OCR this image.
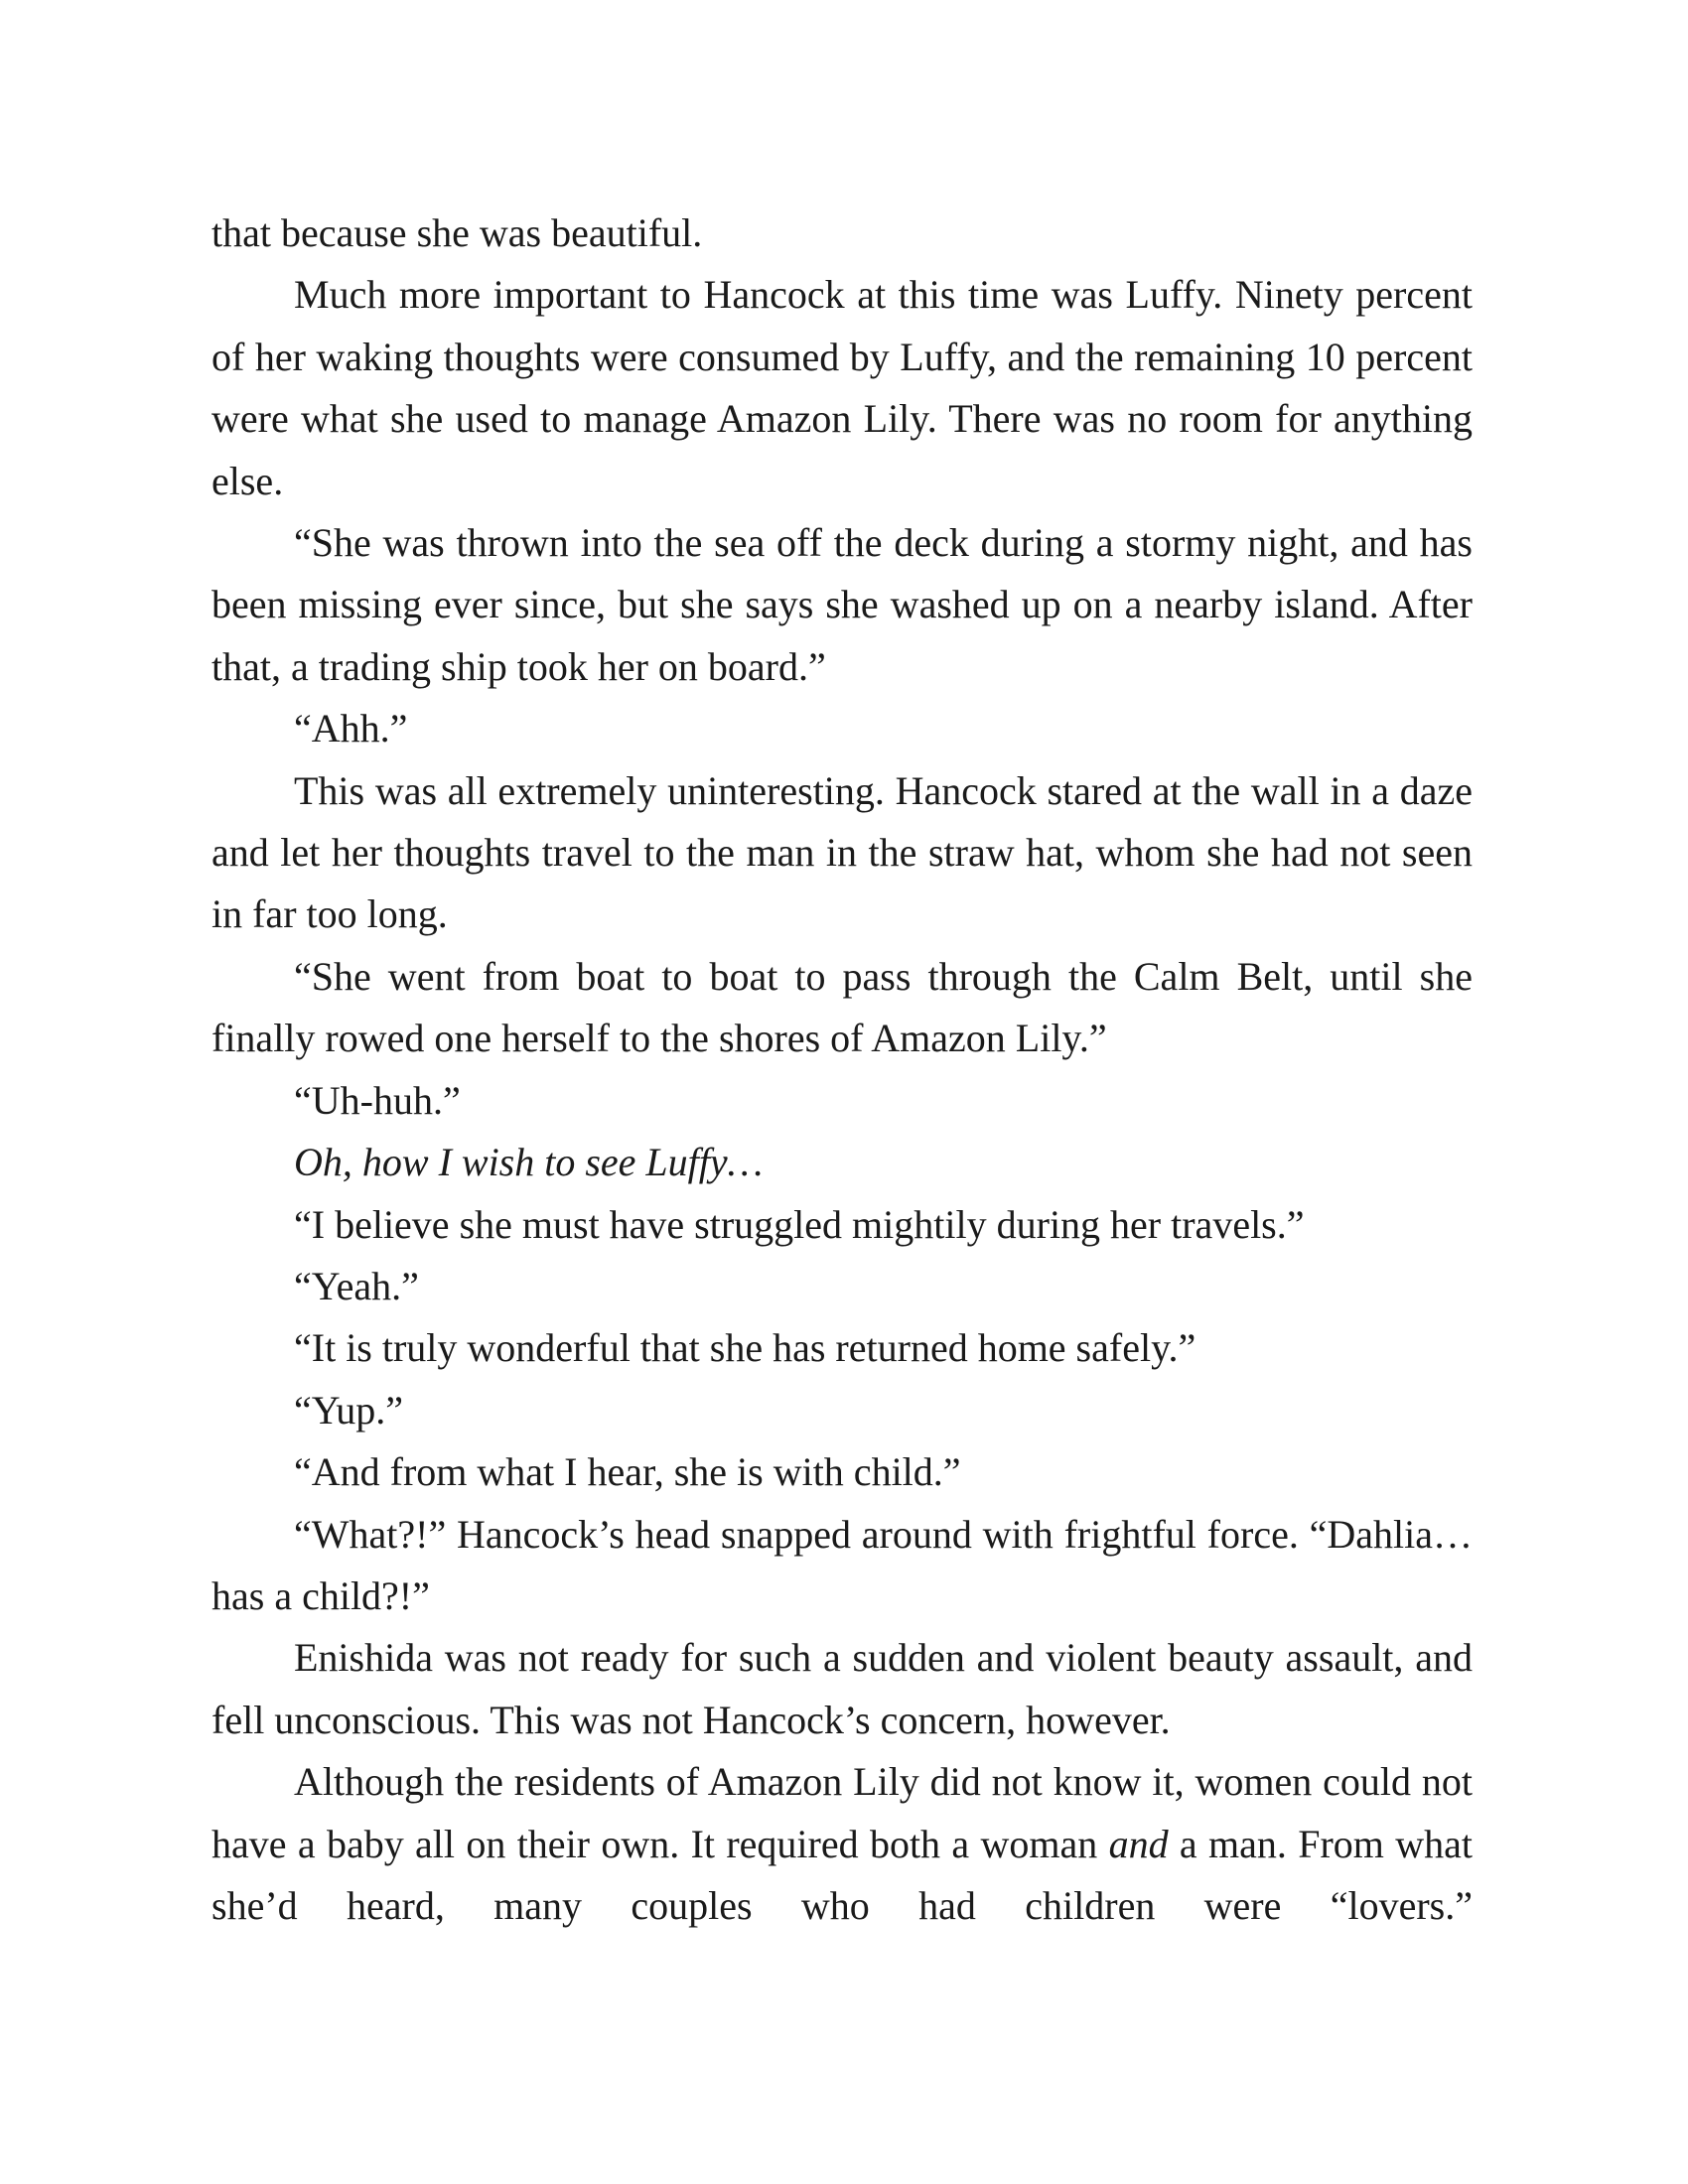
that because she was beautiful.

Much more important to Hancock at this time was Luffy. Ninety percent of her waking thoughts were consumed by Luffy, and the remaining 10 percent were what she used to manage Amazon Lily. There was no room for anything else.

“She was thrown into the sea off the deck during a stormy night, and has been missing ever since, but she says she washed up on a nearby island. After that, a trading ship took her on board.”

“Ahh.”

This was all extremely uninteresting. Hancock stared at the wall in a daze and let her thoughts travel to the man in the straw hat, whom she had not seen in far too long.

“She went from boat to boat to pass through the Calm Belt, until she finally rowed one herself to the shores of Amazon Lily.”

“Uh-huh.”

Oh, how I wish to see Luffy…

“I believe she must have struggled mightily during her travels.”

“Yeah.”

“It is truly wonderful that she has returned home safely.”

“Yup.”

“And from what I hear, she is with child.”

“What?!” Hancock’s head snapped around with frightful force. “Dahlia…has a child?!”

Enishida was not ready for such a sudden and violent beauty assault, and fell unconscious. This was not Hancock’s concern, however.

Although the residents of Amazon Lily did not know it, women could not have a baby all on their own. It required both a woman and a man. From what she’d heard, many couples who had children were “lovers.”
